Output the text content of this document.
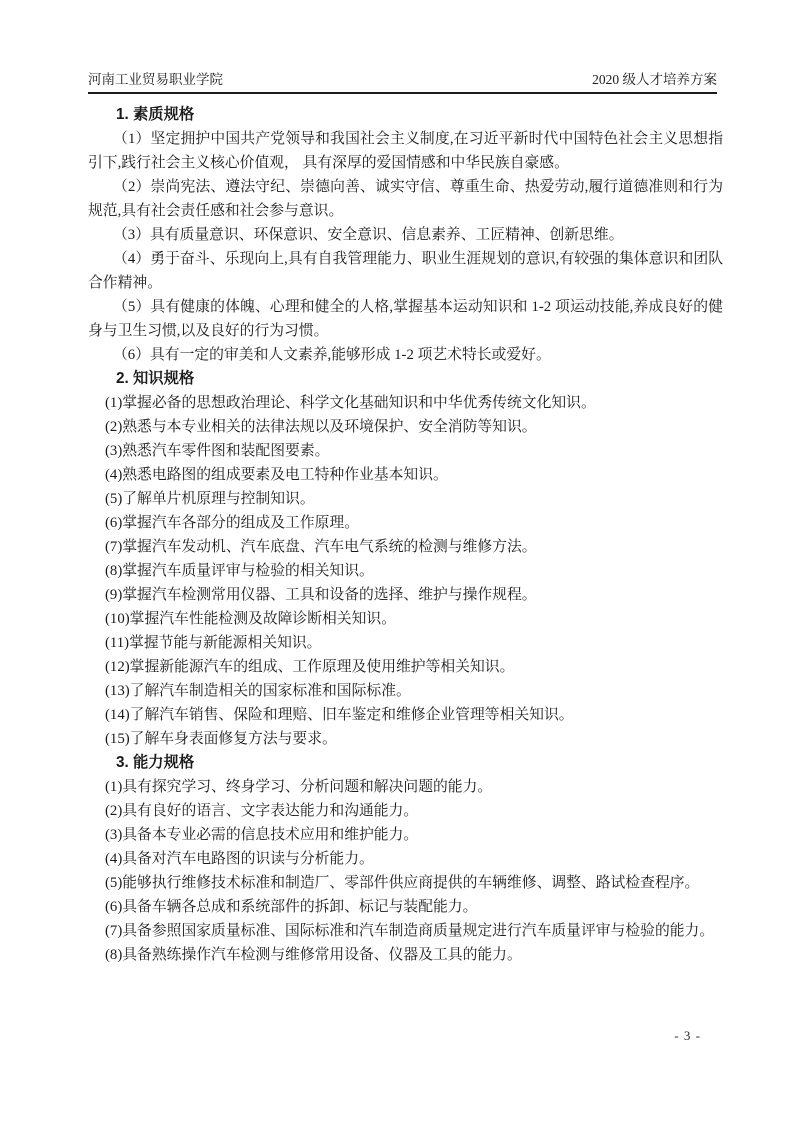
河南工业贸易职业学院	2020 级人才培养方案
1. 素质规格

（1）坚定拥护中国共产党领导和我国社会主义制度,在习近平新时代中国特色社会主义思想指引下,践行社会主义核心价值观， 具有深厚的爱国情感和中华民族自豪感。

（2）崇尚宪法、遵法守纪、崇德向善、诚实守信、尊重生命、热爱劳动,履行道德准则和行为规范,具有社会责任感和社会参与意识。

（3）具有质量意识、环保意识、安全意识、信息素养、工匠精神、创新思维。

（4）勇于奋斗、乐现向上,具有自我管理能力、职业生涯规划的意识,有较强的集体意识和团队合作精神。

（5）具有健康的体魄、心理和健全的人格,掌握基本运动知识和 1-2 项运动技能,养成良好的健身与卫生习惯,以及良好的行为习惯。

（6）具有一定的审美和人文素养,能够形成 1-2 项艺术特长或爱好。

2. 知识规格

(1)掌握必备的思想政治理论、科学文化基础知识和中华优秀传统文化知识。

(2)熟悉与本专业相关的法律法规以及环境保护、安全消防等知识。

(3)熟悉汽车零件图和装配图要素。

(4)熟悉电路图的组成要素及电工特种作业基本知识。

(5)了解单片机原理与控制知识。

(6)掌握汽车各部分的组成及工作原理。

(7)掌握汽车发动机、汽车底盘、汽车电气系统的检测与维修方法。

(8)掌握汽车质量评审与检验的相关知识。

(9)掌握汽车检测常用仪器、工具和设备的选择、维护与操作规程。

(10)掌握汽车性能检测及故障诊断相关知识。

(11)掌握节能与新能源相关知识。

(12)掌握新能源汽车的组成、工作原理及使用维护等相关知识。

(13)了解汽车制造相关的国家标准和国际标准。

(14)了解汽车销售、保险和理赔、旧车鉴定和维修企业管理等相关知识。

(15)了解车身表面修复方法与要求。

3. 能力规格

(1)具有探究学习、终身学习、分析问题和解决问题的能力。

(2)具有良好的语言、文字表达能力和沟通能力。

(3)具备本专业必需的信息技术应用和维护能力。

(4)具备对汽车电路图的识读与分析能力。

(5)能够执行维修技术标准和制造厂、零部件供应商提供的车辆维修、调整、路试检查程序。

(6)具备车辆各总成和系统部件的拆卸、标记与装配能力。

(7)具备参照国家质量标准、国际标准和汽车制造商质量规定进行汽车质量评审与检验的能力。

(8)具备熟练操作汽车检测与维修常用设备、仪器及工具的能力。

- 3 -
